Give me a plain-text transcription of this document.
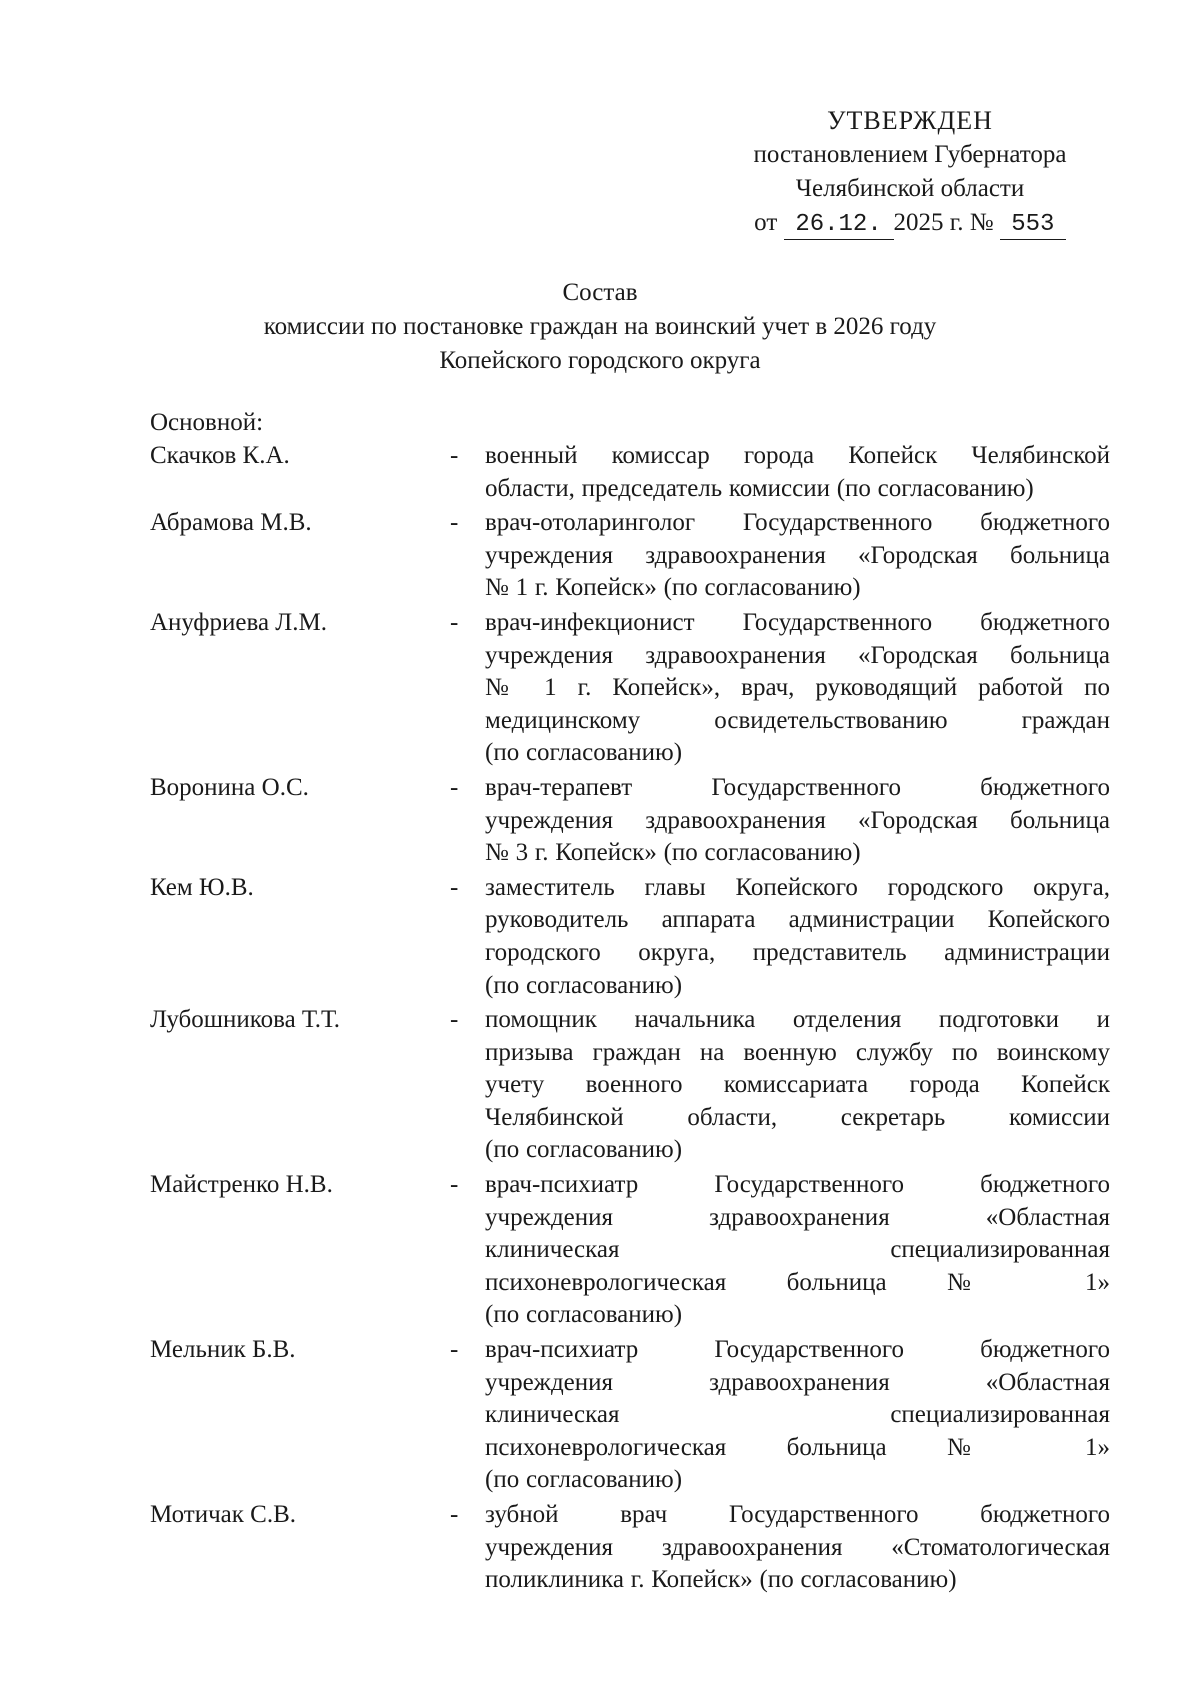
УТВЕРЖДЕН
постановлением Губернатора
Челябинской области
от 26.12. 2025 г. № 553
Состав
комиссии по постановке граждан на воинский учет в 2026 году
Копейского городского округа
Основной:
Скачков К.А.	-	военный комиссар города Копейск Челябинской
области, председатель комиссии (по согласованию)
Абрамова М.В.	-	врач-отоларинголог Государственного бюджетного
учреждения здравоохранения «Городская больница
№ 1 г. Копейск» (по согласованию)
Ануфриева Л.М.	-	врач-инфекционист Государственного бюджетного
учреждения здравоохранения «Городская больница
№ 1 г. Копейск», врач, руководящий работой по
медицинскому освидетельствованию граждан
(по согласованию)
Воронина О.С.	-	врач-терапевт Государственного бюджетного
учреждения здравоохранения «Городская больница
№ 3 г. Копейск» (по согласованию)
Кем Ю.В.	-	заместитель главы Копейского городского округа,
руководитель аппарата администрации Копейского
городского округа, представитель администрации
(по согласованию)
Лубошникова Т.Т.	-	помощник начальника отделения подготовки и
призыва граждан на военную службу по воинскому
учету военного комиссариата города Копейск
Челябинской области, секретарь комиссии
(по согласованию)
Майстренко Н.В.	-	врач-психиатр Государственного бюджетного
учреждения здравоохранения «Областная
клиническая специализированная
психоневрологическая больница № 1»
(по согласованию)
Мельник Б.В.	-	врач-психиатр Государственного бюджетного
учреждения здравоохранения «Областная
клиническая специализированная
психоневрологическая больница № 1»
(по согласованию)
Мотичак С.В.	-	зубной врач Государственного бюджетного
учреждения здравоохранения «Стоматологическая
поликлиника г. Копейск» (по согласованию)
